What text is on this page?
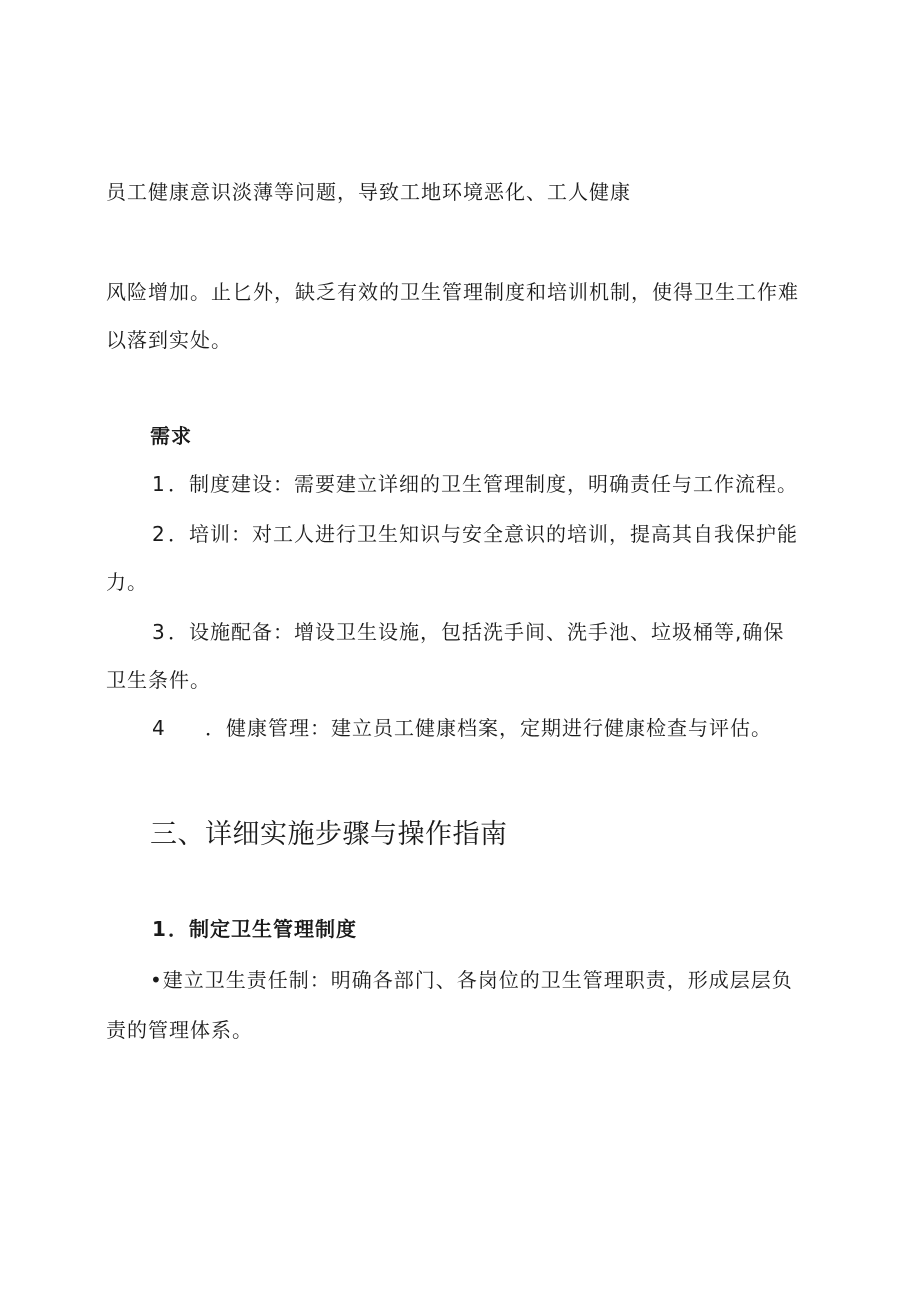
员工健康意识淡薄等问题，导致工地环境恶化、工人健康
风险增加。止匕外，缺乏有效的卫生管理制度和培训机制，使得卫生工作难
以落到实处。
需求
1 ．制度建设：需要建立详细的卫生管理制度，明确责任与工作流程。
2 ．培训：对工人进行卫生知识与安全意识的培训，提高其自我保护能
力。
3 ．设施配备：增设卫生设施，包括洗手间、洗手池、垃圾桶等,确保
卫生条件。
4 ．健康管理：建立员工健康档案，定期进行健康检查与评估。
三、详细实施步骤与操作指南
1 ．制定卫生管理制度
•建立卫生责任制：明确各部门、各岗位的卫生管理职责，形成层层负
责的管理体系。
